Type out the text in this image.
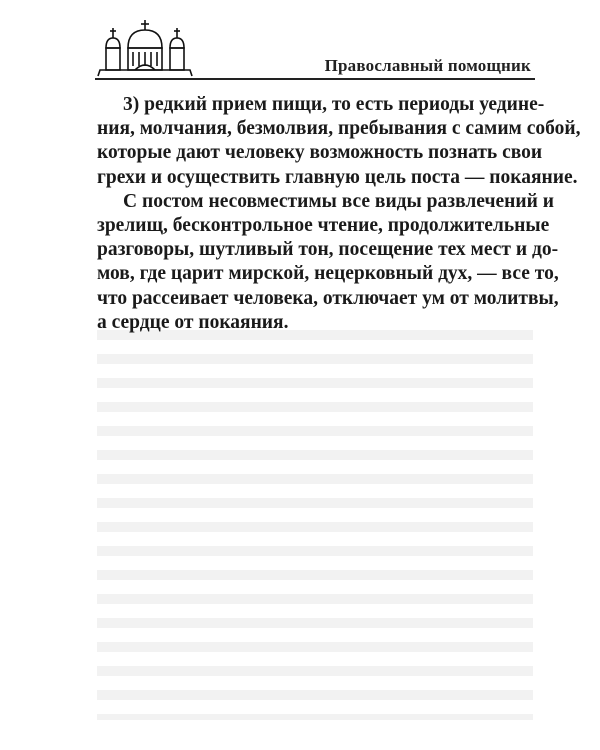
Православный помощник
3) редкий прием пищи, то есть периоды уедине-
ния, молчания, безмолвия, пребывания с самим собой,
которые дают человеку возможность познать свои
грехи и осуществить главную цель поста — покаяние.
С постом несовместимы все виды развлечений и
зрелищ, бесконтрольное чтение, продолжительные
разговоры, шутливый тон, посещение тех мест и до-
мов, где царит мирской, нецерковный дух, — все то,
что рассеивает человека, отключает ум от молитвы,
а сердце от покаяния.
